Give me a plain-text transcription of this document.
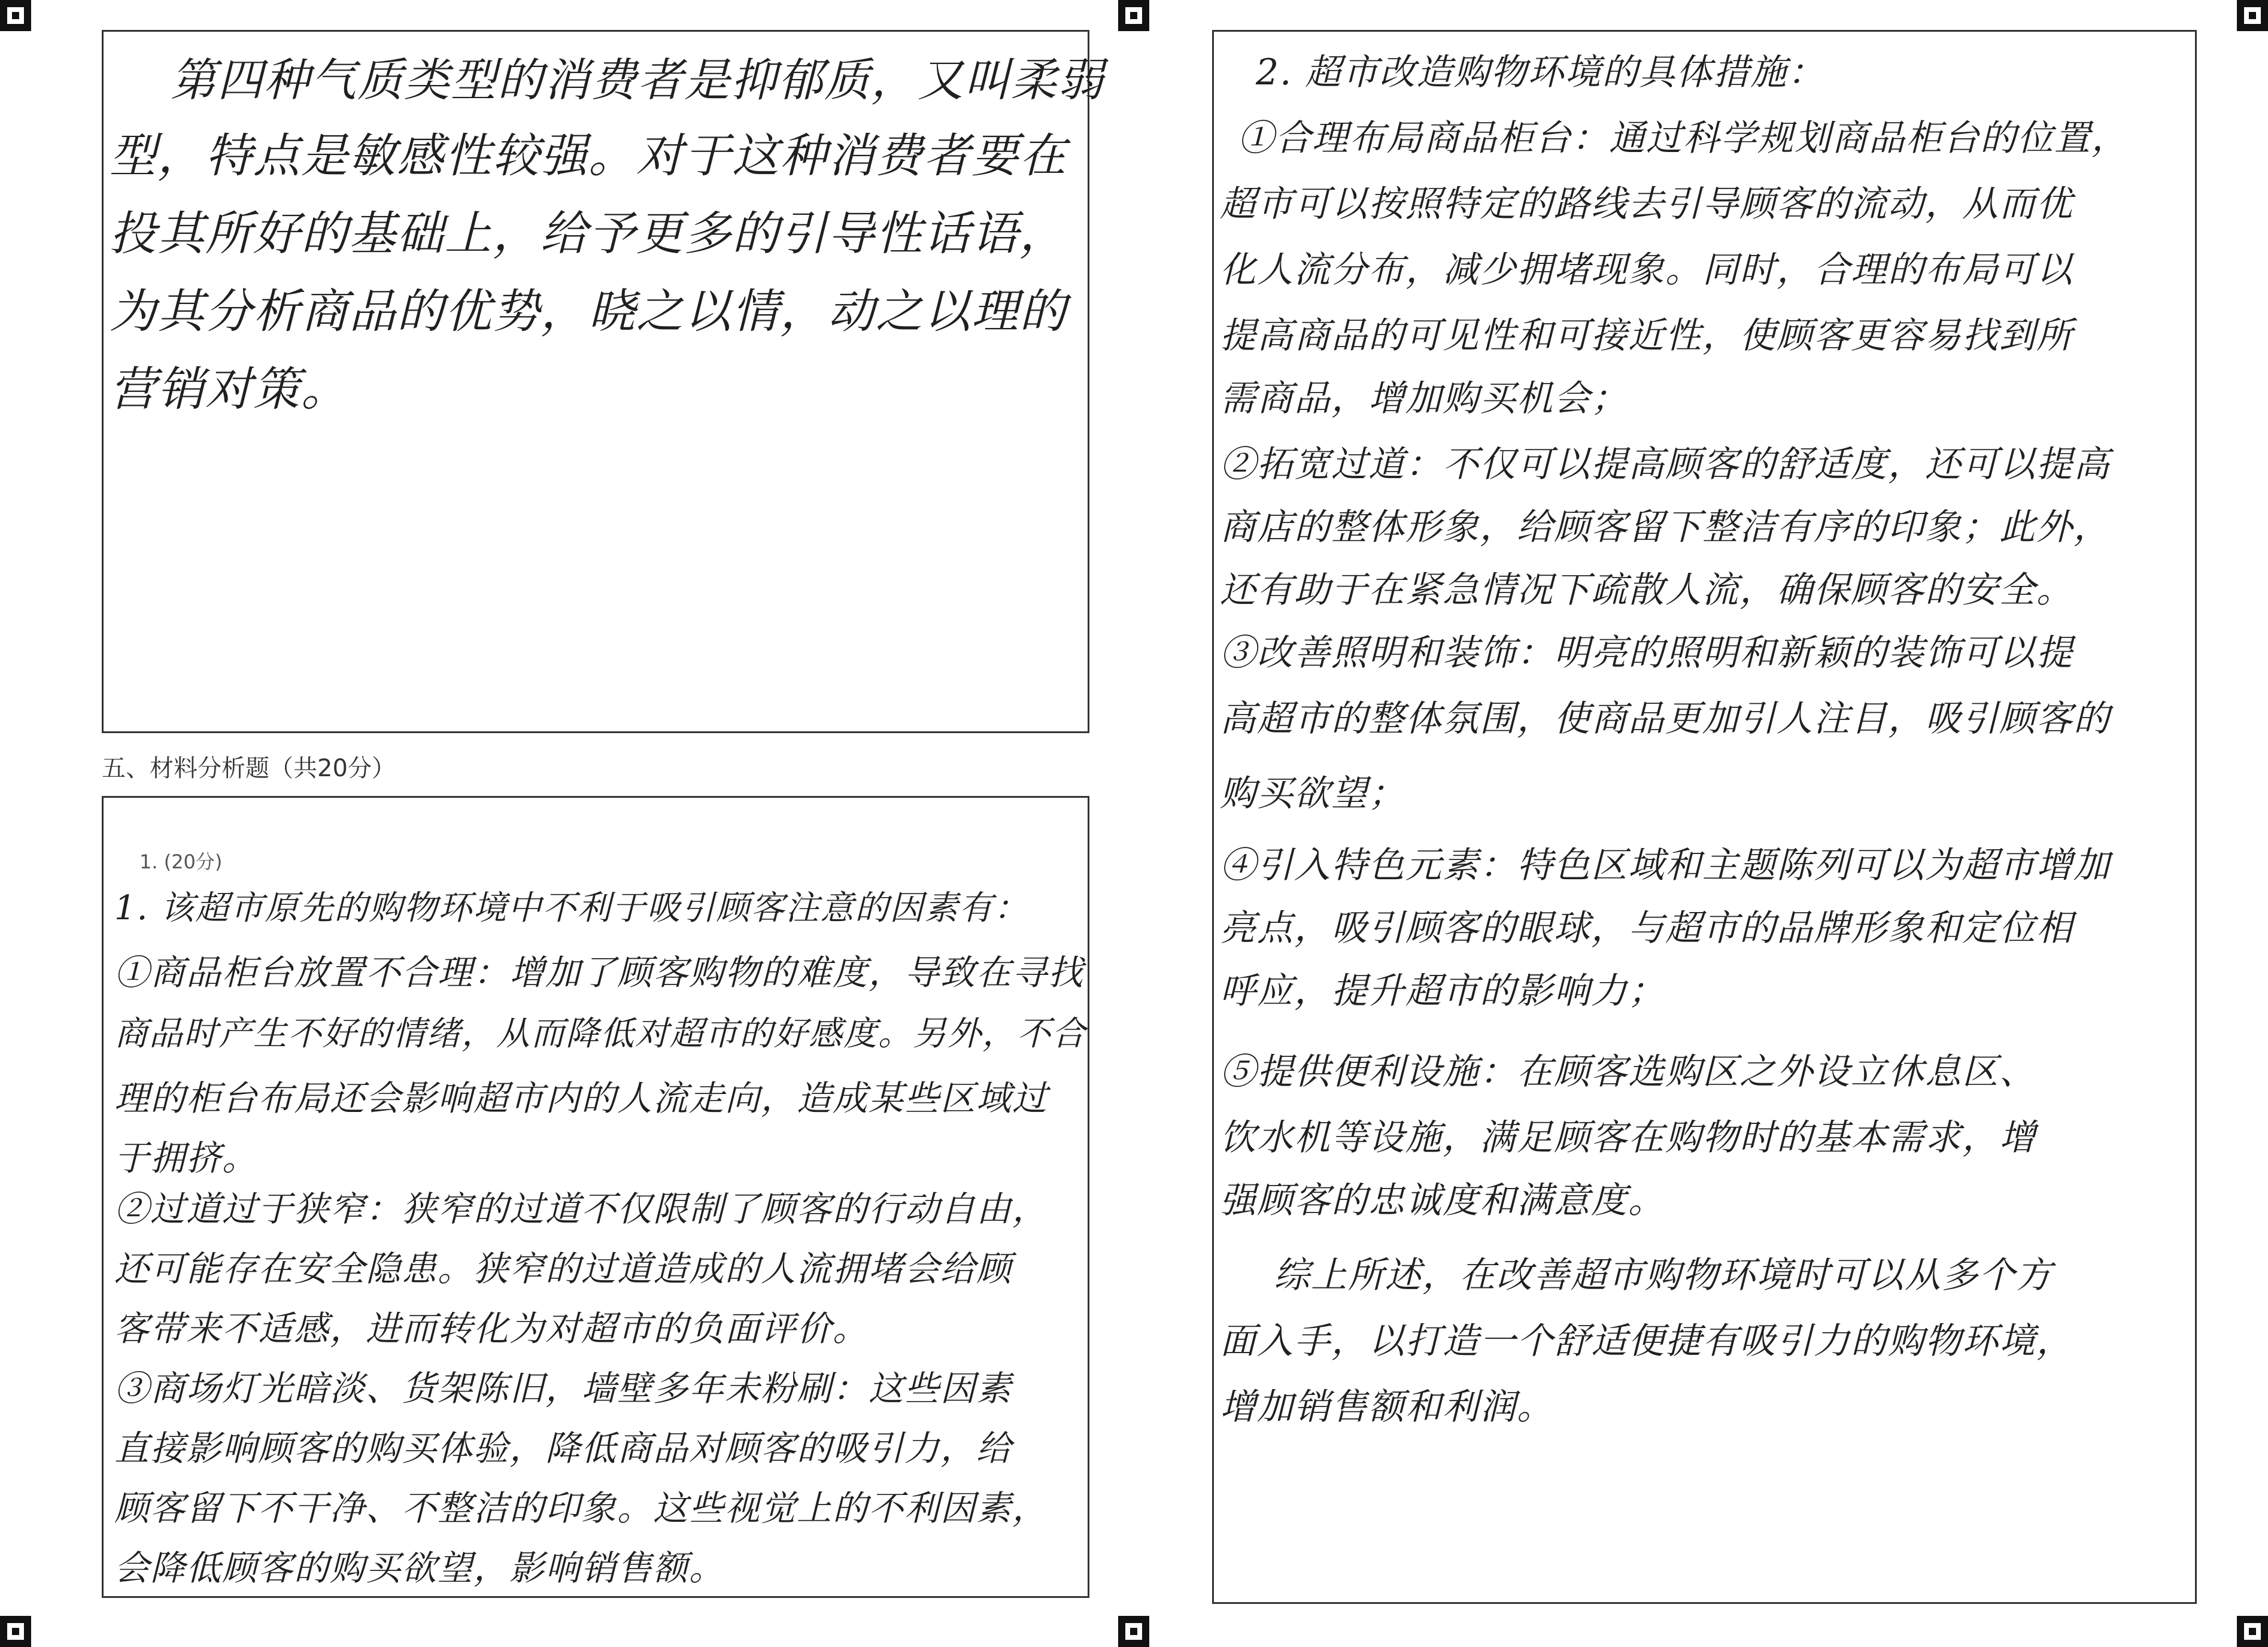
第四种气质类型的消费者是抑郁质，又叫柔弱
型，特点是敏感性较强。对于这种消费者要在
投其所好的基础上，给予更多的引导性话语，
为其分析商品的优势，晓之以情，动之以理的
营销对策。
五、材料分析题（共20分）
1. (20分)
1. 该超市原先的购物环境中不利于吸引顾客注意的因素有：
①商品柜台放置不合理：增加了顾客购物的难度，导致在寻找
商品时产生不好的情绪，从而降低对超市的好感度。另外，不合
理的柜台布局还会影响超市内的人流走向，造成某些区域过
于拥挤。
②过道过于狭窄：狭窄的过道不仅限制了顾客的行动自由，
还可能存在安全隐患。狭窄的过道造成的人流拥堵会给顾
客带来不适感，进而转化为对超市的负面评价。
③商场灯光暗淡、货架陈旧，墙壁多年未粉刷：这些因素
直接影响顾客的购买体验，降低商品对顾客的吸引力，给
顾客留下不干净、不整洁的印象。这些视觉上的不利因素，
会降低顾客的购买欲望，影响销售额。
2. 超市改造购物环境的具体措施：
①合理布局商品柜台：通过科学规划商品柜台的位置，
超市可以按照特定的路线去引导顾客的流动，从而优
化人流分布，减少拥堵现象。同时，合理的布局可以
提高商品的可见性和可接近性，使顾客更容易找到所
需商品，增加购买机会；
②拓宽过道：不仅可以提高顾客的舒适度，还可以提高
商店的整体形象，给顾客留下整洁有序的印象；此外，
还有助于在紧急情况下疏散人流，确保顾客的安全。
③改善照明和装饰：明亮的照明和新颖的装饰可以提
高超市的整体氛围，使商品更加引人注目，吸引顾客的
购买欲望；
④引入特色元素：特色区域和主题陈列可以为超市增加
亮点，吸引顾客的眼球，与超市的品牌形象和定位相
呼应，提升超市的影响力；
⑤提供便利设施：在顾客选购区之外设立休息区、
饮水机等设施，满足顾客在购物时的基本需求，增
强顾客的忠诚度和满意度。
综上所述，在改善超市购物环境时可以从多个方
面入手，以打造一个舒适便捷有吸引力的购物环境，
增加销售额和利润。
